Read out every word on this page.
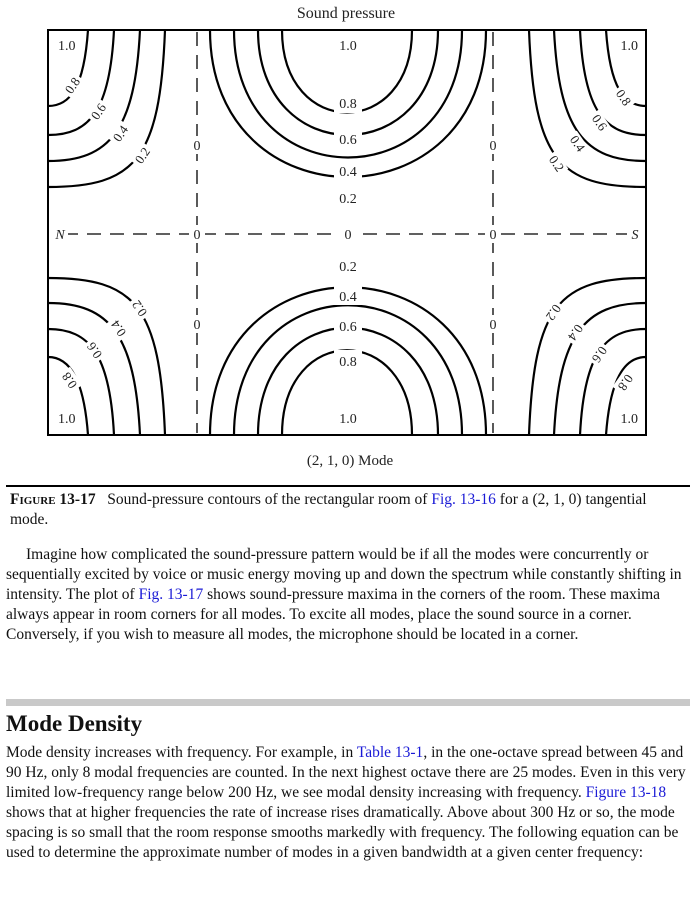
Sound pressure
1.0	1.0	1.0
1.0	1.0	1.0
0.8
0.6
0.4
0.2
0.2
0.4
0.6
0.8
0.8
0.6
0.4
0.2
0.8
0.6
0.4
0.2
0.8
0.6
0.4
0.2
0.8
0.6
0.4
0.2
0	0
0	0	0
0	0
N	S
(2, 1, 0) Mode
Figure 13-17 Sound-pressure contours of the rectangular room of Fig. 13-16 for a (2, 1, 0) tangential mode.

Imagine how complicated the sound-pressure pattern would be if all the modes were concurrently or sequentially excited by voice or music energy moving up and down the spectrum while constantly shifting in intensity. The plot of Fig. 13-17 shows sound-pressure maxima in the corners of the room. These maxima always appear in room corners for all modes. To excite all modes, place the sound source in a corner. Conversely, if you wish to measure all modes, the microphone should be located in a corner.

Mode Density

Mode density increases with frequency. For example, in Table 13-1, in the one-octave spread between 45 and 90 Hz, only 8 modal frequencies are counted. In the next highest octave there are 25 modes. Even in this very limited low-frequency range below 200 Hz, we see modal density increasing with frequency. Figure 13-18 shows that at higher frequencies the rate of increase rises dramatically. Above about 300 Hz or so, the mode spacing is so small that the room response smooths markedly with frequency. The following equation can be used to determine the approximate number of modes in a given bandwidth at a given center frequency:
